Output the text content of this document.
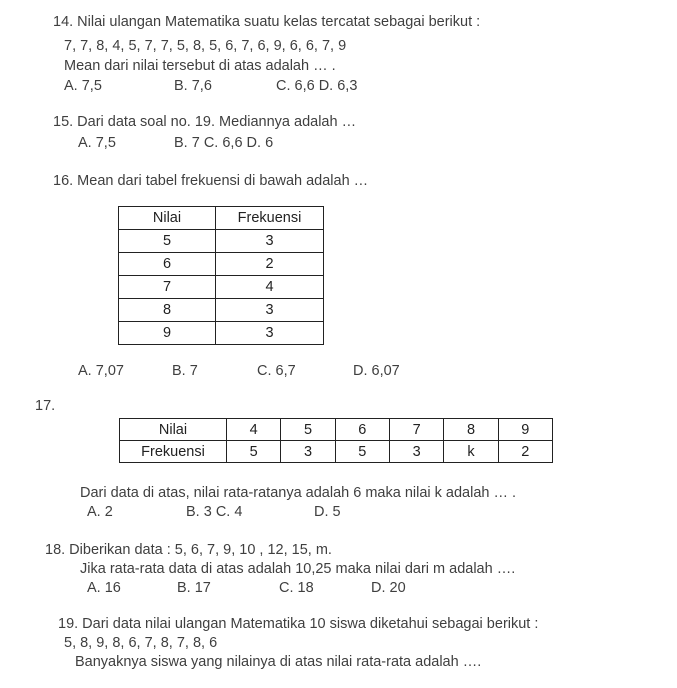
14. Nilai ulangan Matematika suatu kelas tercatat sebagai berikut :
7, 7, 8, 4, 5, 7, 7, 5, 8, 5, 6, 7, 6, 9, 6, 6, 7, 9
Mean dari nilai tersebut di atas adalah … .
A. 7,5	B. 7,6	C. 6,6 D. 6,3
15. Dari data soal no. 19. Mediannya adalah …
A. 7,5	B. 7 C. 6,6 D. 6
16. Mean dari tabel frekuensi di bawah adalah …
Nilai	Frekuensi
5	3
6	2
7	4
8	3
9	3
A. 7,07	B. 7	C. 6,7	D. 6,07
17.
Nilai	4	5	6	7	8	9
Frekuensi	5	3	5	3	k	2
Dari data di atas, nilai rata-ratanya adalah 6 maka nilai k adalah … .
A. 2	B. 3 C. 4	D. 5
18. Diberikan data : 5, 6, 7, 9, 10 , 12, 15, m.
Jika rata-rata data di atas adalah 10,25 maka nilai dari m adalah ….
A. 16	B. 17	C. 18	D. 20
19. Dari data nilai ulangan Matematika 10 siswa diketahui sebagai berikut :
5, 8, 9, 8, 6, 7, 8, 7, 8, 6
Banyaknya siswa yang nilainya di atas nilai rata-rata adalah ….
